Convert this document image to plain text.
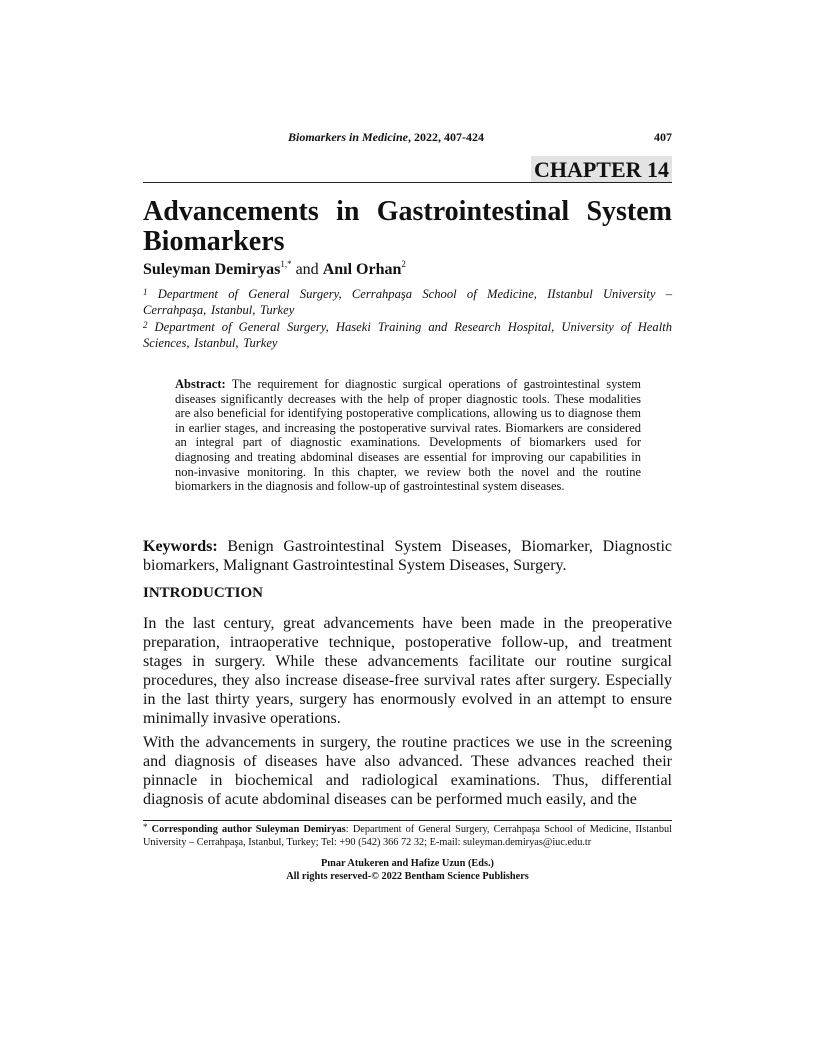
Biomarkers in Medicine, 2022, 407-424	407
CHAPTER 14
Advancements in Gastrointestinal System Biomarkers
Suleyman Demiryas$^{1,*}$ and Anıl Orhan$^2$
$^1$ Department of General Surgery, Cerrahpaşa School of Medicine, IIstanbul University – Cerrahpaşa, Istanbul, Turkey
$^2$ Department of General Surgery, Haseki Training and Research Hospital, University of Health Sciences, Istanbul, Turkey
Abstract: The requirement for diagnostic surgical operations of gastrointestinal system diseases significantly decreases with the help of proper diagnostic tools. These modalities are also beneficial for identifying postoperative complications, allowing us to diagnose them in earlier stages, and increasing the postoperative survival rates. Biomarkers are considered an integral part of diagnostic examinations. Developments of biomarkers used for diagnosing and treating abdominal diseases are essential for improving our capabilities in non-invasive monitoring. In this chapter, we review both the novel and the routine biomarkers in the diagnosis and follow-up of gastrointestinal system diseases.
Keywords: Benign Gastrointestinal System Diseases, Biomarker, Diagnostic biomarkers, Malignant Gastrointestinal System Diseases, Surgery.
INTRODUCTION

In the last century, great advancements have been made in the preoperative preparation, intraoperative technique, postoperative follow-up, and treatment stages in surgery. While these advancements facilitate our routine surgical procedures, they also increase disease-free survival rates after surgery. Especially in the last thirty years, surgery has enormously evolved in an attempt to ensure minimally invasive operations.

With the advancements in surgery, the routine practices we use in the screening and diagnosis of diseases have also advanced. These advances reached their pinnacle in biochemical and radiological examinations. Thus, differential diagnosis of acute abdominal diseases can be performed much easily, and the

* Corresponding author Suleyman Demiryas: Department of General Surgery, Cerrahpaşa School of Medicine, IIstanbul University – Cerrahpaşa, Istanbul, Turkey; Tel: +90 (542) 366 72 32; E-mail: suleyman.demiryas@iuc.edu.tr
Pınar Atukeren and Hafize Uzun (Eds.)
All rights reserved-© 2022 Bentham Science Publishers
